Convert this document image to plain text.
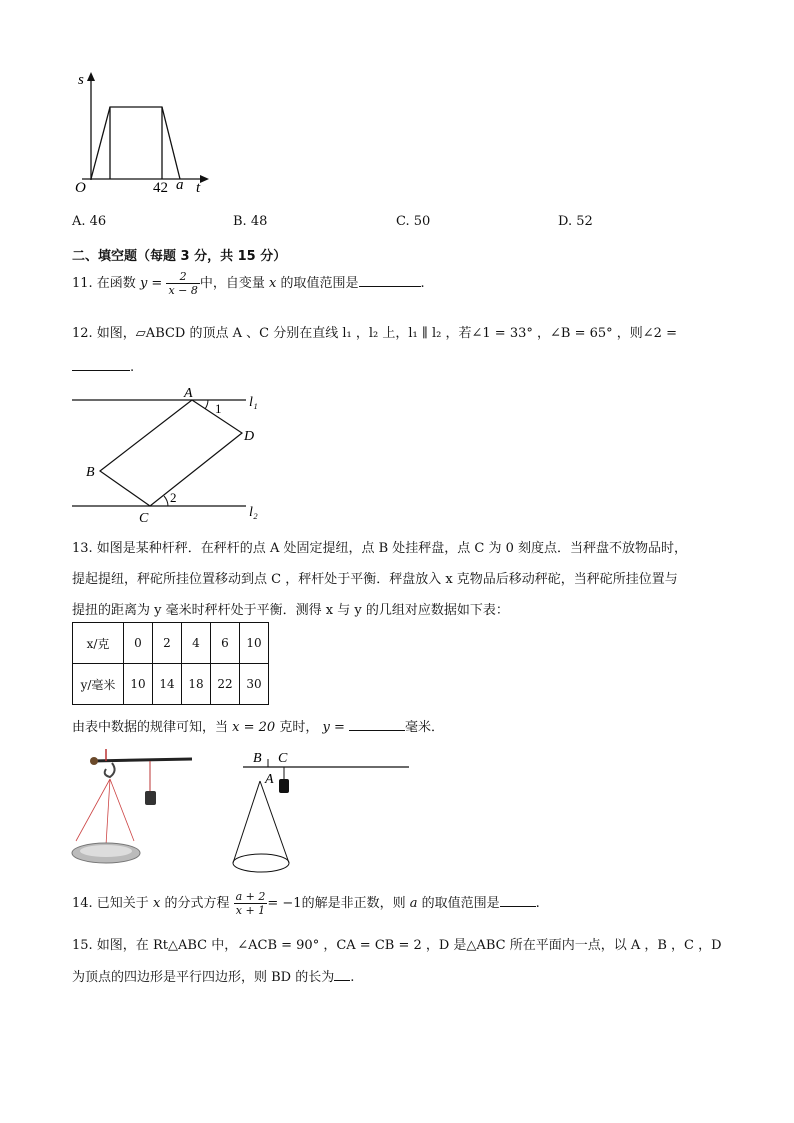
s
O	42 a t
A. 46	B. 48	C. 50	D. 52
二、填空题（每题 3 分，共 15 分）
11. 在函数 $y = \frac{2}{x - 8}$ 中，自变量 x 的取值范围是	.
12. 如图，▱ABCD 的顶点 A 、C 分别在直线 l₁ ，l₂ 上，l₁ ∥ l₂ ，若∠1 = 33° ，∠B = 65° ，则∠2 =
.
A
B
C
D
1
2
l₁
l₂
13. 如图是某种杆秤．在秤杆的点 A 处固定提纽，点 B 处挂秤盘，点 C 为 0 刻度点．当秤盘不放物品时，
提起提纽，秤砣所挂位置移动到点 C ，秤杆处于平衡．秤盘放入 x 克物品后移动秤砣，当秤砣所挂位置与
提扭的距离为 y 毫米时秤杆处于平衡．测得 x 与 y 的几组对应数据如下表：
x/克	0	2	4	6	10
y/毫米	10	14	18	22	30
由表中数据的规律可知，当 x = 20 克时， y =	毫米．
B C
A
14. 已知关于 x 的分式方程 $\frac{a + 2}{x + 1} = -1$的解是非正数，则 a 的取值范围是	.
15. 如图，在 Rt△ABC 中，∠ACB = 90° ，CA = CB = 2 ，D 是△ABC 所在平面内一点，以 A ，B ，C ，D
为顶点的四边形是平行四边形，则 BD 的长为 .
